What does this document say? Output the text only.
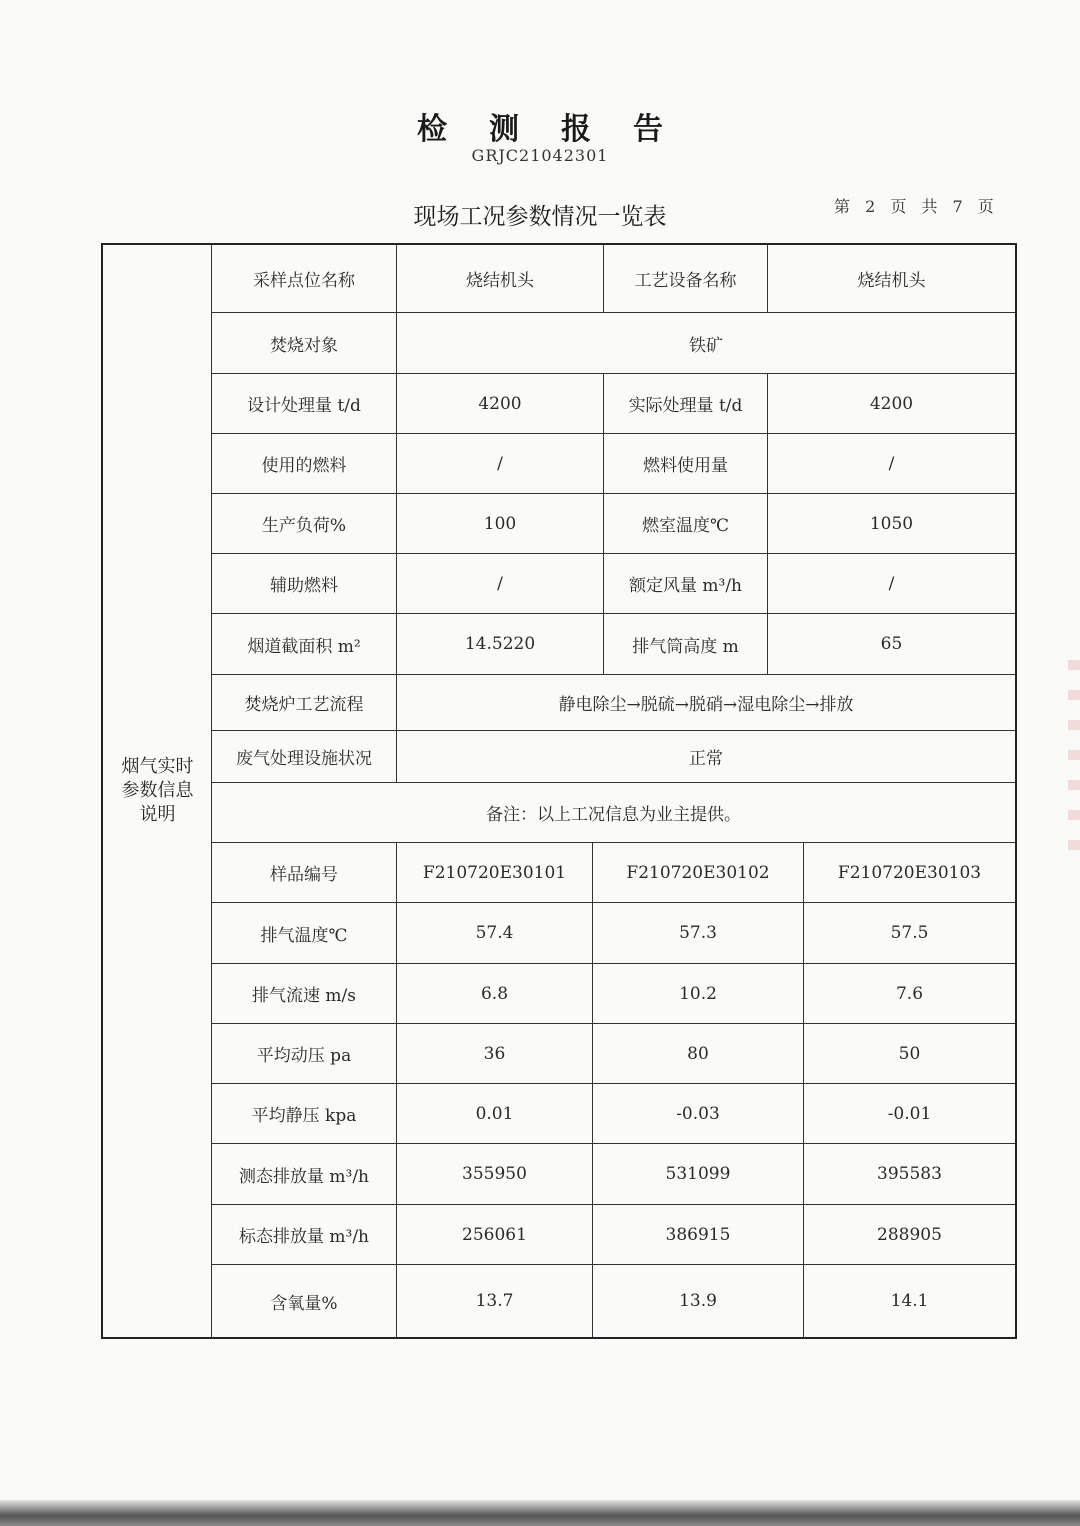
检测报告
GRJC21042301
现场工况参数情况一览表	第 2 页 共 7 页
烟气实时参数信息说明
采样点位名称	烧结机头	工艺设备名称	烧结机头
焚烧对象	铁矿
设计处理量 t/d	4200	实际处理量 t/d	4200
使用的燃料	/	燃料使用量	/
生产负荷%	100	燃室温度℃	1050
辅助燃料	/	额定风量 m³/h	/
烟道截面积 m²	14.5220	排气筒高度 m	65
焚烧炉工艺流程	静电除尘→脱硫→脱硝→湿电除尘→排放
废气处理设施状况	正常
备注：以上工况信息为业主提供。
样品编号	F210720E30101	F210720E30102	F210720E30103
排气温度℃	57.4	57.3	57.5
排气流速 m/s	6.8	10.2	7.6
平均动压 pa	36	80	50
平均静压 kpa	0.01	-0.03	-0.01
测态排放量 m³/h	355950	531099	395583
标态排放量 m³/h	256061	386915	288905
含氧量%	13.7	13.9	14.1
